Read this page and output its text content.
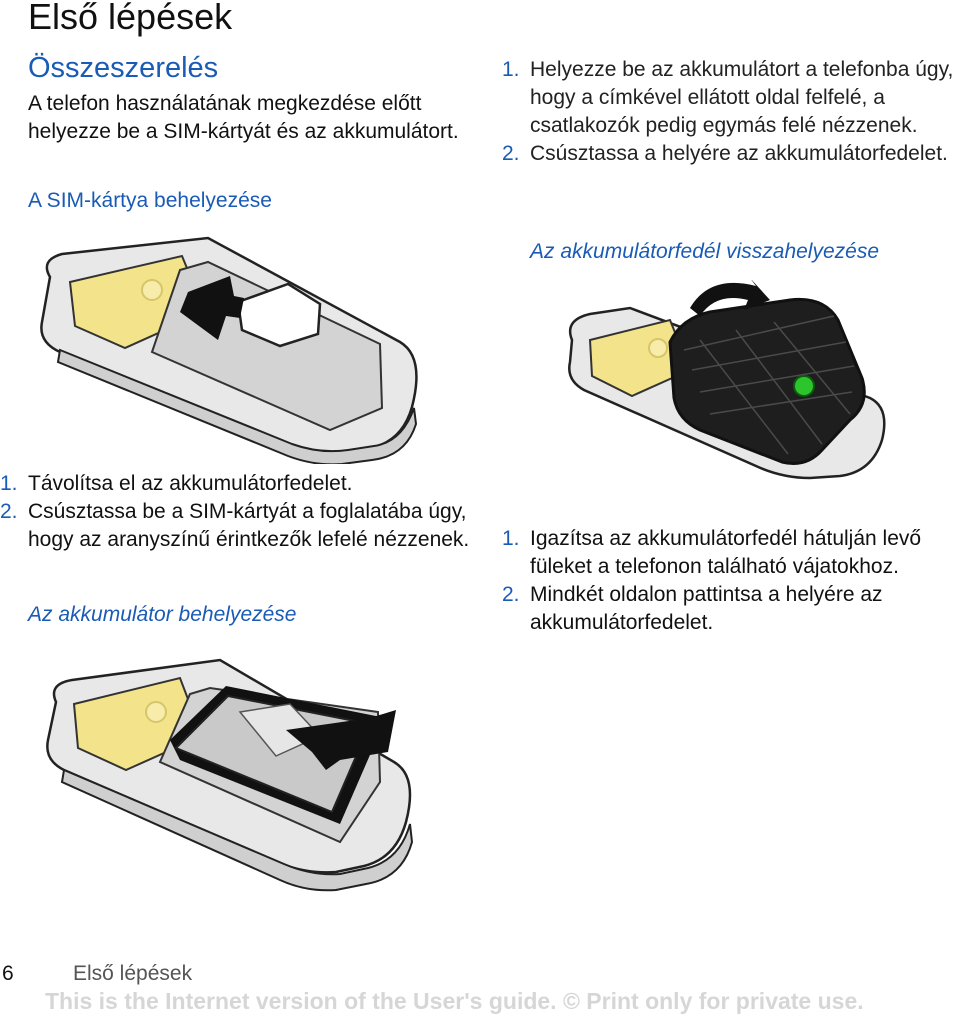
Első lépések
Összeszerelés

A telefon használatának megkezdése előtt helyezze be a SIM-kártyát és az akkumulátort.

A SIM-kártya behelyezése
1. Helyezze be az akkumulátort a telefonba úgy, hogy a címkével ellátott oldal felfelé, a csatlakozók pedig egymás felé nézzenek.
2. Csúsztassa a helyére az akkumulátorfedelet.
Az akkumulátorfedél visszahelyezése
1. Távolítsa el az akkumulátorfedelet.
2. Csúsztassa be a SIM-kártyát a foglalatába úgy, hogy az aranyszínű érintkezők lefelé nézzenek.
Az akkumulátor behelyezése
1. Igazítsa az akkumulátorfedél hátulján levő füleket a telefonon található vájatokhoz.
2. Mindkét oldalon pattintsa a helyére az akkumulátorfedelet.
6	Első lépések
This is the Internet version of the User's guide. © Print only for private use.
